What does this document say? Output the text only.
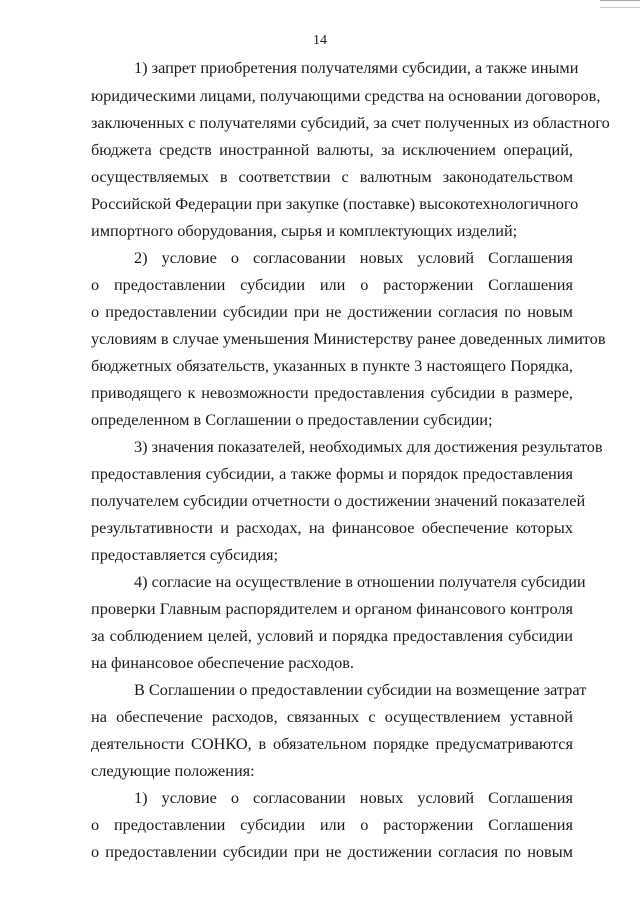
14
1) запрет приобретения получателями субсидии, а также иными
юридическими лицами, получающими средства на основании договоров,
заключенных с получателями субсидий, за счет полученных из областного
бюджета средств иностранной валюты, за исключением операций,
осуществляемых в соответствии с валютным законодательством
Российской Федерации при закупке (поставке) высокотехнологичного
импортного оборудования, сырья и комплектующих изделий;
2) условие о согласовании новых условий Соглашения
о предоставлении субсидии или о расторжении Соглашения
о предоставлении субсидии при не достижении согласия по новым
условиям в случае уменьшения Министерству ранее доведенных лимитов
бюджетных обязательств, указанных в пункте 3 настоящего Порядка,
приводящего к невозможности предоставления субсидии в размере,
определенном в Соглашении о предоставлении субсидии;
3) значения показателей, необходимых для достижения результатов
предоставления субсидии, а также формы и порядок предоставления
получателем субсидии отчетности о достижении значений показателей
результативности и расходах, на финансовое обеспечение которых
предоставляется субсидия;
4) согласие на осуществление в отношении получателя субсидии
проверки Главным распорядителем и органом финансового контроля
за соблюдением целей, условий и порядка предоставления субсидии
на финансовое обеспечение расходов.
В Соглашении о предоставлении субсидии на возмещение затрат
на обеспечение расходов, связанных с осуществлением уставной
деятельности СОНКО, в обязательном порядке предусматриваются
следующие положения:
1) условие о согласовании новых условий Соглашения
о предоставлении субсидии или о расторжении Соглашения
о предоставлении субсидии при не достижении согласия по новым
